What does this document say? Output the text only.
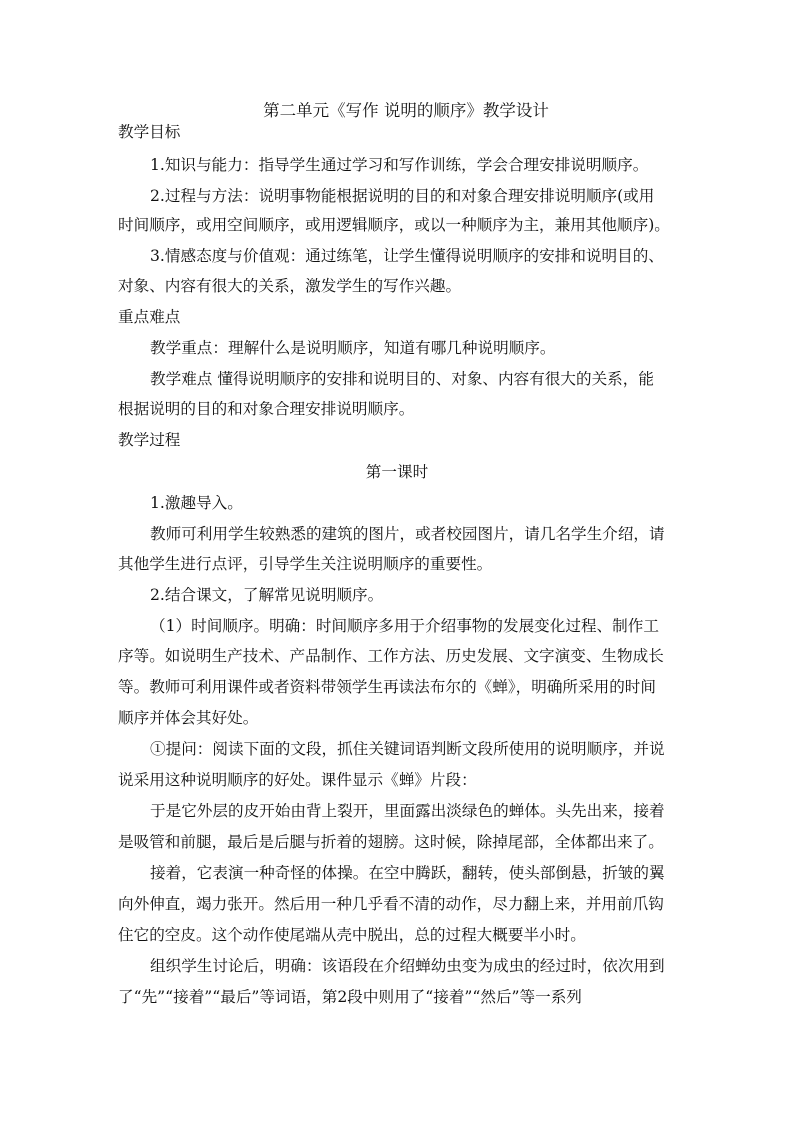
第二单元《写作 说明的顺序》教学设计
教学目标
1.知识与能力：指导学生通过学习和写作训练，学会合理安排说明顺序。
2.过程与方法：说明事物能根据说明的目的和对象合理安排说明顺序(或用
时间顺序，或用空间顺序，或用逻辑顺序，或以一种顺序为主，兼用其他顺序)。
3.情感态度与价值观：通过练笔，让学生懂得说明顺序的安排和说明目的、
对象、内容有很大的关系，激发学生的写作兴趣。
重点难点
教学重点：理解什么是说明顺序，知道有哪几种说明顺序。
教学难点 懂得说明顺序的安排和说明目的、对象、内容有很大的关系，能
根据说明的目的和对象合理安排说明顺序。
教学过程
第一课时
1.激趣导入。
教师可利用学生较熟悉的建筑的图片，或者校园图片，请几名学生介绍，请
其他学生进行点评，引导学生关注说明顺序的重要性。
2.结合课文，了解常见说明顺序。
（1）时间顺序。明确：时间顺序多用于介绍事物的发展变化过程、制作工
序等。如说明生产技术、产品制作、工作方法、历史发展、文字演变、生物成长
等。教师可利用课件或者资料带领学生再读法布尔的《蝉》，明确所采用的时间
顺序并体会其好处。
①提问：阅读下面的文段，抓住关键词语判断文段所使用的说明顺序，并说
说采用这种说明顺序的好处。课件显示《蝉》片段：
于是它外层的皮开始由背上裂开，里面露出淡绿色的蝉体。头先出来，接着
是吸管和前腿，最后是后腿与折着的翅膀。这时候，除掉尾部，全体都出来了。
接着，它表演一种奇怪的体操。在空中腾跃，翻转，使头部倒悬，折皱的翼
向外伸直，竭力张开。然后用一种几乎看不清的动作，尽力翻上来，并用前爪钩
住它的空皮。这个动作使尾端从壳中脱出，总的过程大概要半小时。
组织学生讨论后，明确：该语段在介绍蝉幼虫变为成虫的经过时，依次用到
了“先”“接着”“最后”等词语，第2段中则用了“接着”“然后”等一系列
